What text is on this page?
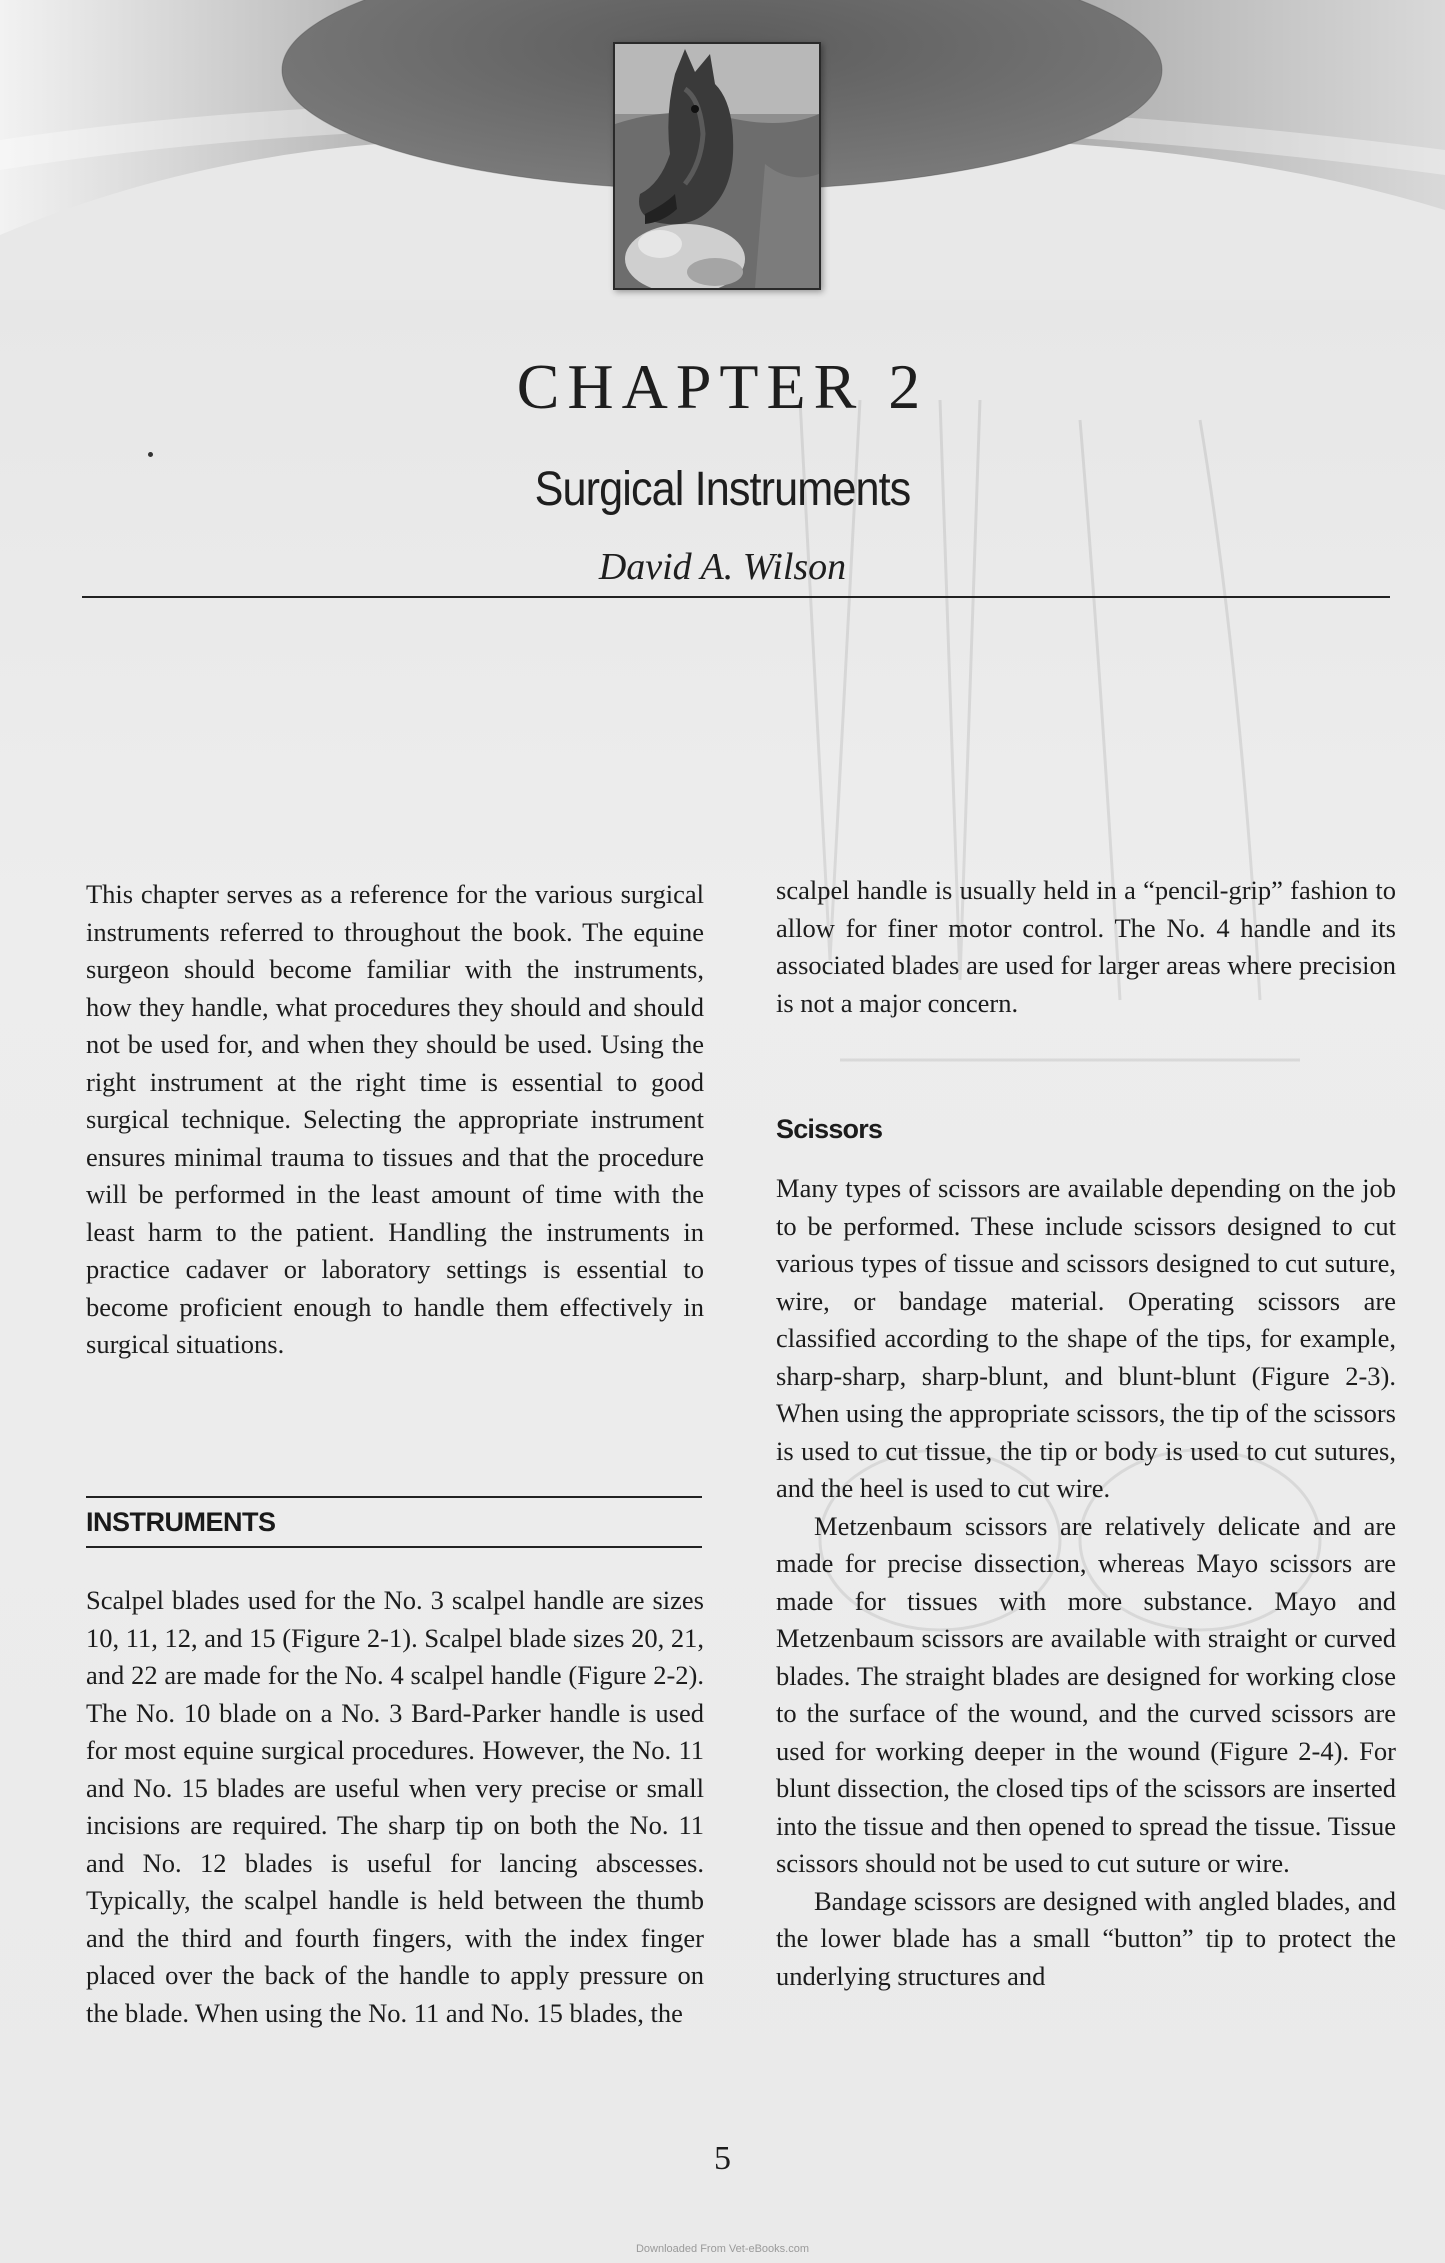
CHAPTER 2
Surgical Instruments
David A. Wilson

This chapter serves as a reference for the various surgical instruments referred to throughout the book. The equine surgeon should become familiar with the instruments, how they handle, what procedures they should and should not be used for, and when they should be used. Using the right instrument at the right time is essential to good surgical technique. Selecting the appropriate instrument ensures minimal trauma to tissues and that the procedure will be performed in the least amount of time with the least harm to the patient. Handling the instruments in practice cadaver or laboratory settings is essential to become proficient enough to handle them effectively in surgical situations.

INSTRUMENTS

Scalpel blades used for the No. 3 scalpel handle are sizes 10, 11, 12, and 15 (Figure 2-1). Scalpel blade sizes 20, 21, and 22 are made for the No. 4 scalpel handle (Figure 2-2). The No. 10 blade on a No. 3 Bard-Parker handle is used for most equine surgical procedures. However, the No. 11 and No. 15 blades are useful when very precise or small incisions are required. The sharp tip on both the No. 11 and No. 12 blades is useful for lancing abscesses. Typically, the scalpel handle is held between the thumb and the third and fourth fingers, with the index finger placed over the back of the handle to apply pressure on the blade. When using the No. 11 and No. 15 blades, the

scalpel handle is usually held in a “pencil-grip” fashion to allow for finer motor control. The No. 4 handle and its associated blades are used for larger areas where precision is not a major concern.

Scissors

Many types of scissors are available depending on the job to be performed. These include scissors designed to cut various types of tissue and scissors designed to cut suture, wire, or bandage material. Operating scissors are classified according to the shape of the tips, for example, sharp-sharp, sharp-blunt, and blunt-blunt (Figure 2-3). When using the appropriate scissors, the tip of the scissors is used to cut tissue, the tip or body is used to cut sutures, and the heel is used to cut wire.

Metzenbaum scissors are relatively delicate and are made for precise dissection, whereas Mayo scissors are made for tissues with more substance. Mayo and Metzenbaum scissors are available with straight or curved blades. The straight blades are designed for working close to the surface of the wound, and the curved scissors are used for working deeper in the wound (Figure 2-4). For blunt dissection, the closed tips of the scissors are inserted into the tissue and then opened to spread the tissue. Tissue scissors should not be used to cut suture or wire.

Bandage scissors are designed with angled blades, and the lower blade has a small “button” tip to protect the underlying structures and

5
Downloaded From Vet-eBooks.com
